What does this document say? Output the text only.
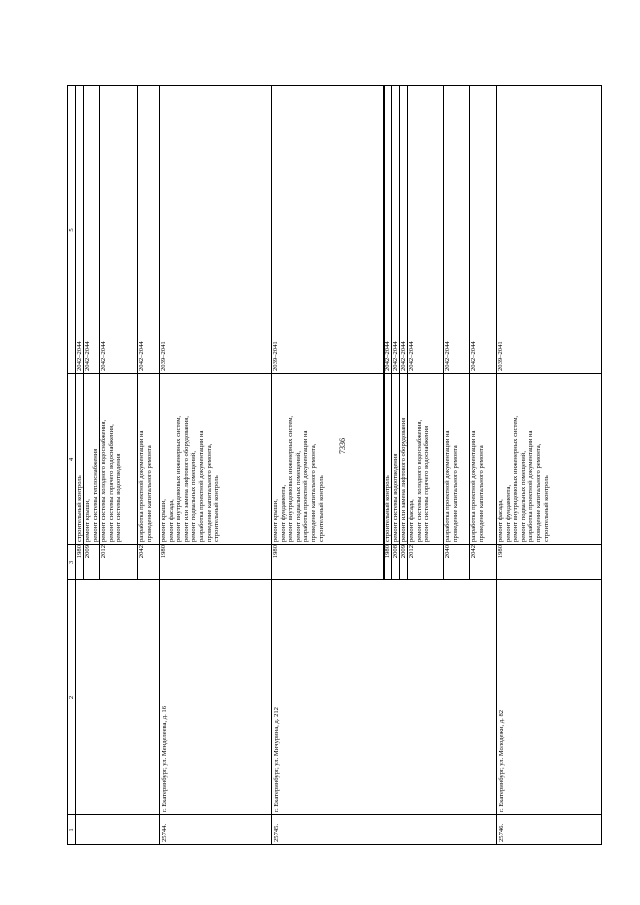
7336
1
2
3
4
5
1980
строительный контроль
2042–2044
2009
ремонт крыши, ремонт системы теплоснабжения
2042–2044
2012
ремонт системы холодного водоснабжения, ремонт системы горячего водоснабжения, ремонт системы водоотведения
2042–2044
2042
разработка проектной документации на проведение капитального ремонта
2042–2044
25744.
г. Екатеринбург, ул. Менделеева, д. 16
1980
ремонт крыши, ремонт фасада, ремонт внутридомовых инженерных систем, ремонт или замена лифтового оборудования, ремонт подвальных помещений, разработка проектной документации на проведение капитального ремонта, строительный контроль
2039–2041
25745.
г. Екатеринбург, ул. Мичурина, д. 212
1980
ремонт крыши, ремонт фундамента, ремонт внутридомовых инженерных систем, ремонт подвальных помещений, разработка проектной документации на проведение капитального ремонта, строительный контроль
2039–2041
1980
строительный контроль
2042–2044
2008
ремонт системы водоотведения
2042–2044
2009
ремонт или замена лифтового оборудования
2042–2044
2012
ремонт фасада, ремонт системы холодного водоснабжения, ремонт системы горячего водоснабжения
2042–2044
2040
разработка проектной документации на проведение капитального ремонта
2042–2044
2042
разработка проектной документации на проведение капитального ремонта
2042–2044
25746.
г. Екатеринбург, ул. Молодежи, д. 82
1980
ремонт фасада, ремонт фундамента, ремонт внутридомовых инженерных систем, ремонт подвальных помещений, разработка проектной документации на проведение капитального ремонта, строительный контроль
2039–2041
